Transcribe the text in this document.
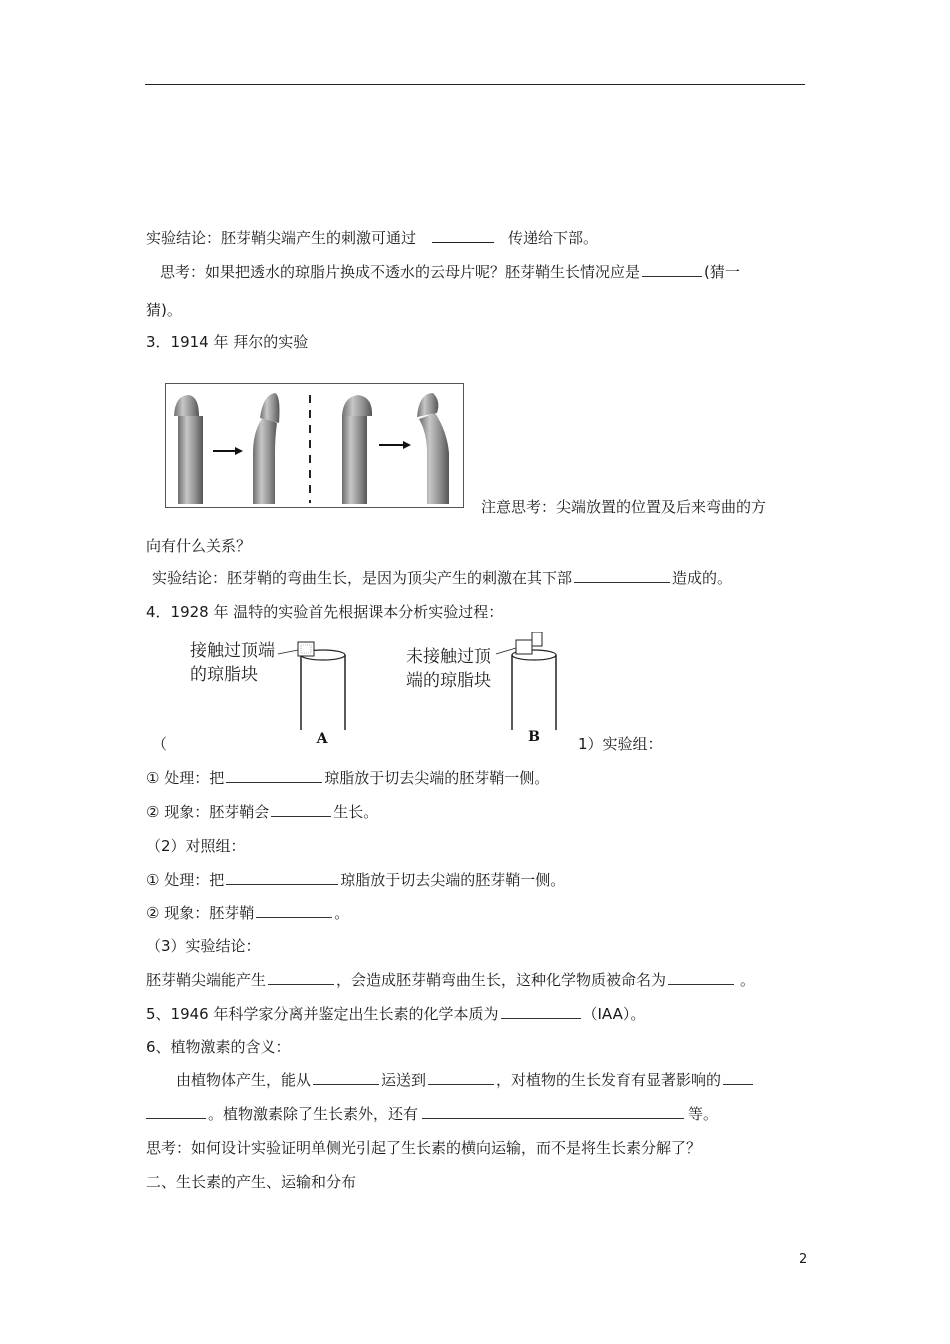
实验结论：胚芽鞘尖端产生的刺激可通过	传递给下部。
思考：如果把透水的琼脂片换成不透水的云母片呢？胚芽鞘生长情况应是	(猜一
猜)。
3．1914 年 拜尔的实验
注意思考：尖端放置的位置及后来弯曲的方
向有什么关系？
实验结论：胚芽鞘的弯曲生长，是因为顶尖产生的刺激在其下部	造成的。
4．1928 年 温特的实验首先根据课本分析实验过程：
接触过顶端
的琼脂块
未接触过顶
端的琼脂块
A	B
（	1）实验组：
① 处理：把	琼脂放于切去尖端的胚芽鞘一侧。
② 现象：胚芽鞘会	生长。
（2）对照组：
① 处理：把	琼脂放于切去尖端的胚芽鞘一侧。
② 现象：胚芽鞘	。
（3）实验结论：
胚芽鞘尖端能产生	，会造成胚芽鞘弯曲生长，这种化学物质被命名为	。
5、1946 年科学家分离并鉴定出生长素的化学本质为	（IAA）。
6、植物激素的含义：
由植物体产生，能从	运送到	，对植物的生长发育有显著影响的
。植物激素除了生长素外，还有	等。
思考：如何设计实验证明单侧光引起了生长素的横向运输，而不是将生长素分解了？
二、生长素的产生、运输和分布
2
